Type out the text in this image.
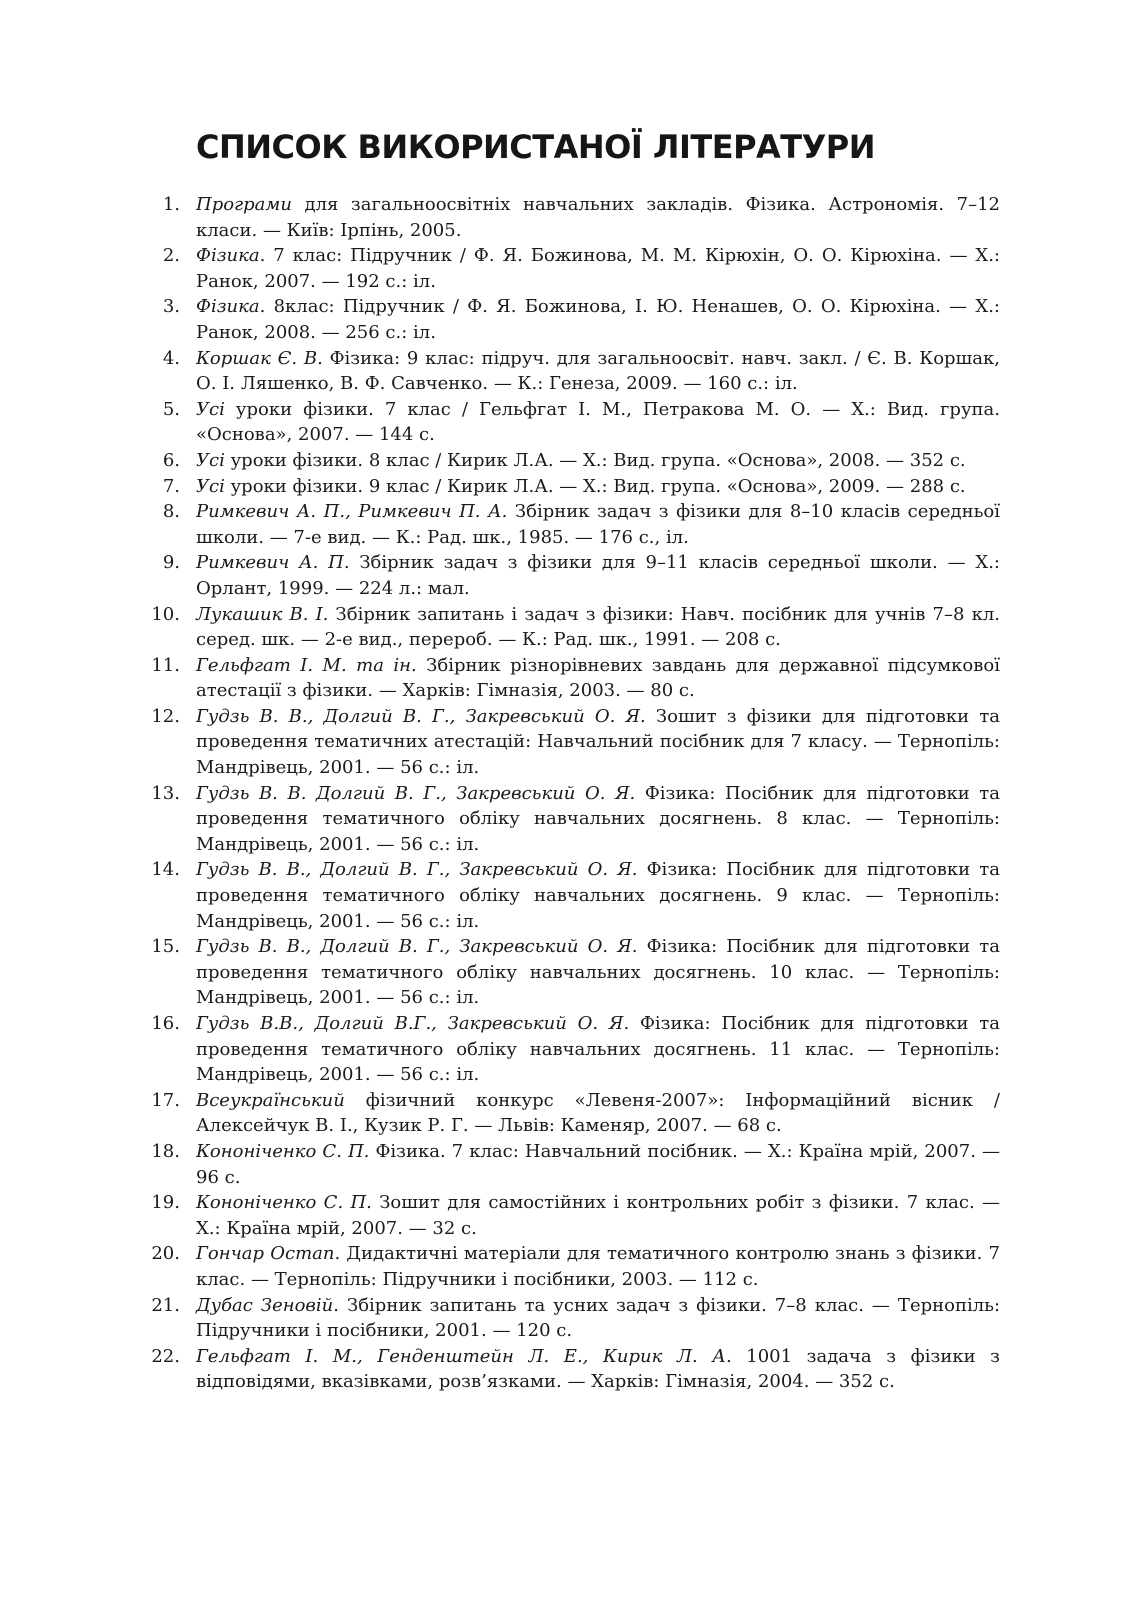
СПИСОК ВИКОРИСТАНОЇ ЛІТЕРАТУРИ
1. Програми для загальноосвітніх навчальних закладів. Фізика. Астрономія. 7–12 класи. — Київ: Ірпінь, 2005.
2. Фізика. 7 клас: Підручник / Ф. Я. Божинова, М. М. Кірюхін, О. О. Кірюхіна. — Х.: Ранок, 2007. — 192 с.: іл.
3. Фізика. 8клас: Підручник / Ф. Я. Божинова, І. Ю. Ненашев, О. О. Кірюхіна. — Х.: Ранок, 2008. — 256 с.: іл.
4. Коршак Є. В. Фізика: 9 клас: підруч. для загальноосвіт. навч. закл. / Є. В. Коршак, О. І. Ляшенко, В. Ф. Савченко. — К.: Генеза, 2009. — 160 с.: іл.
5. Усі уроки фізики. 7 клас / Гельфгат І. М., Петракова М. О. — Х.: Вид. група. «Основа», 2007. — 144 с.
6. Усі уроки фізики. 8 клас / Кирик Л.А. — Х.: Вид. група. «Основа», 2008. — 352 с.
7. Усі уроки фізики. 9 клас / Кирик Л.А. — Х.: Вид. група. «Основа», 2009. — 288 с.
8. Римкевич А. П., Римкевич П. А. Збірник задач з фізики для 8–10 класів середньої школи. — 7-е вид. — К.: Рад. шк., 1985. — 176 с., іл.
9. Римкевич А. П. Збірник задач з фізики для 9–11 класів середньої школи. — Х.: Орлант, 1999. — 224 л.: мал.
10. Лукашик В. І. Збірник запитань і задач з фізики: Навч. посібник для учнів 7–8 кл. серед. шк. — 2-е вид., перероб. — К.: Рад. шк., 1991. — 208 с.
11. Гельфгат І. М. та ін. Збірник різнорівневих завдань для державної підсумкової атестації з фізики. — Харків: Гімназія, 2003. — 80 с.
12. Гудзь В. В., Долгий В. Г., Закревський О. Я. Зошит з фізики для підготовки та проведення тематичних атестацій: Навчальний посібник для 7 класу. — Тернопіль: Мандрівець, 2001. — 56 с.: іл.
13. Гудзь В. В. Долгий В. Г., Закревський О. Я. Фізика: Посібник для підготовки та проведення тематичного обліку навчальних досягнень. 8 клас. — Тернопіль: Мандрівець, 2001. — 56 с.: іл.
14. Гудзь В. В., Долгий В. Г., Закревський О. Я. Фізика: Посібник для підготовки та проведення тематичного обліку навчальних досягнень. 9 клас. — Тернопіль: Мандрівець, 2001. — 56 с.: іл.
15. Гудзь В. В., Долгий В. Г., Закревський О. Я. Фізика: Посібник для підготовки та проведення тематичного обліку навчальних досягнень. 10 клас. — Тернопіль: Мандрівець, 2001. — 56 с.: іл.
16. Гудзь В.В., Долгий В.Г., Закревський О. Я. Фізика: Посібник для підготовки та проведення тематичного обліку навчальних досягнень. 11 клас. — Тернопіль: Мандрівець, 2001. — 56 с.: іл.
17. Всеукраїнський фізичний конкурс «Левеня-2007»: Інформаційний вісник / Алексейчук В. І., Кузик Р. Г. — Львів: Каменяр, 2007. — 68 с.
18. Кононіченко С. П. Фізика. 7 клас: Навчальний посібник. — Х.: Країна мрій, 2007. — 96 с.
19. Кононіченко С. П. Зошит для самостійних і контрольних робіт з фізики. 7 клас. — Х.: Країна мрій, 2007. — 32 с.
20. Гончар Остап. Дидактичні матеріали для тематичного контролю знань з фізики. 7 клас. — Тернопіль: Підручники і посібники, 2003. — 112 с.
21. Дубас Зеновій. Збірник запитань та усних задач з фізики. 7–8 клас. — Тернопіль: Підручники і посібники, 2001. — 120 с.
22. Гельфгат І. М., Генденштейн Л. Е., Кирик Л. А. 1001 задача з фізики з відповідями, вказівками, розв’язками. — Харків: Гімназія, 2004. — 352 с.
